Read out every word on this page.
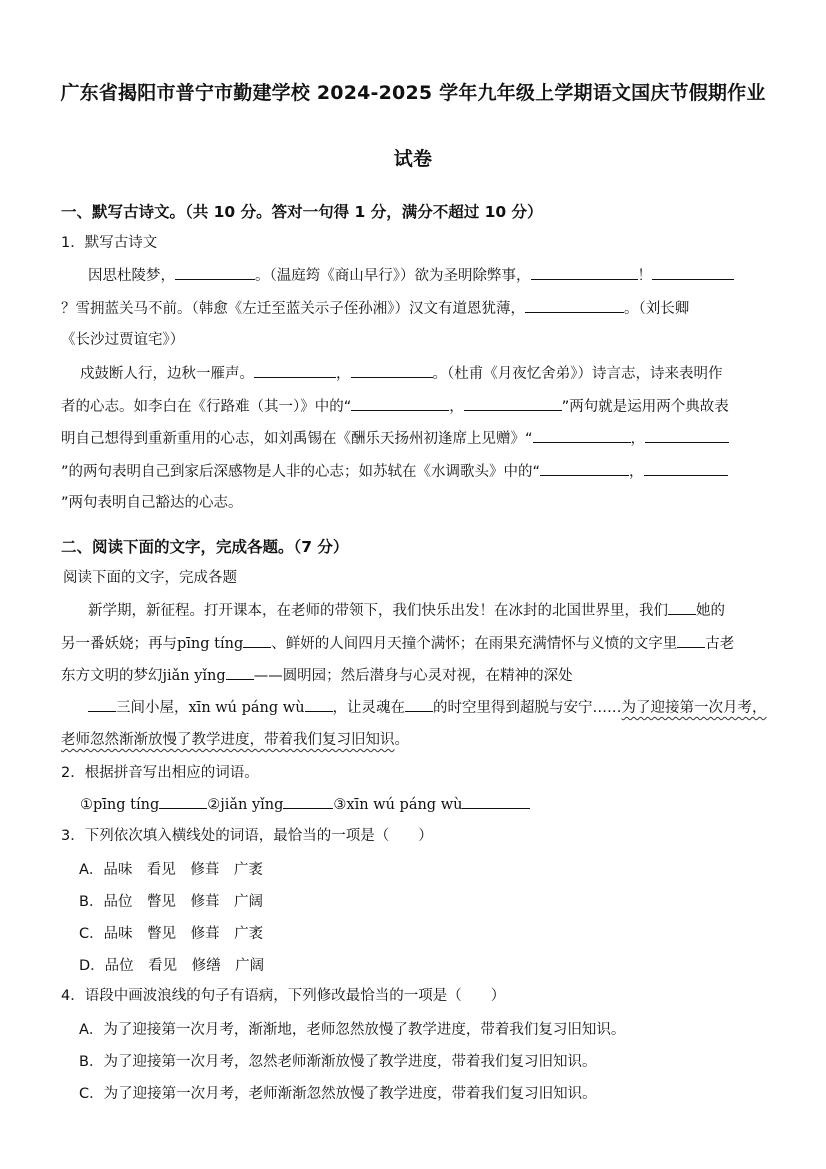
广东省揭阳市普宁市勤建学校 2024-2025 学年九年级上学期语文国庆节假期作业
试卷
一、默写古诗文。（共 10 分。答对一句得 1 分，满分不超过 10 分）
1．默写古诗文
因思杜陵梦，	。（温庭筠《商山早行》）欲为圣明除弊事，	！
？雪拥蓝关马不前。（韩愈《左迁至蓝关示子侄孙湘》）汉文有道恩犹薄，	。（刘长卿
《长沙过贾谊宅》）
戍鼓断人行，边秋一雁声。	，	。（杜甫《月夜忆舍弟》）诗言志，诗来表明作
者的心志。如李白在《行路难（其一）》中的“	，	”两句就是运用两个典故表
明自己想得到重新重用的心志，如刘禹锡在《酬乐天扬州初逢席上见赠》“	，
”的两句表明自己到家后深感物是人非的心志；如苏轼在《水调歌头》中的“	，
”两句表明自己豁达的心志。
二、阅读下面的文字，完成各题。（7 分）
阅读下面的文字，完成各题
新学期，新征程。打开课本，在老师的带领下，我们快乐出发！在冰封的北国世界里，我们 她的
另一番妖娆；再与pīng tíng 、鲜妍的人间四月天撞个满怀；在雨果充满情怀与义愤的文字里 古老
东方文明的梦幻jiǎn yǐng ——圆明园；然后潜身与心灵对视，在精神的深处
三间小屋，xīn wú páng wù ，让灵魂在 的时空里得到超脱与安宁……为了迎接第一次月考，
老师忽然渐渐放慢了教学进度，带着我们复习旧知识。
2．根据拼音写出相应的词语。
①pīng tíng	②jiǎn yǐng	③xīn wú páng wù
3．下列依次填入横线处的词语，最恰当的一项是（　　）
A．品味　看见　修葺　广袤
B．品位　瞥见　修葺　广阔
C．品味　瞥见　修葺　广袤
D．品位　看见　修缮　广阔
4．语段中画波浪线的句子有语病，下列修改最恰当的一项是（　　）
A．为了迎接第一次月考，渐渐地，老师忽然放慢了教学进度，带着我们复习旧知识。
B．为了迎接第一次月考，忽然老师渐渐放慢了教学进度，带着我们复习旧知识。
C．为了迎接第一次月考，老师渐渐忽然放慢了教学进度，带着我们复习旧知识。
